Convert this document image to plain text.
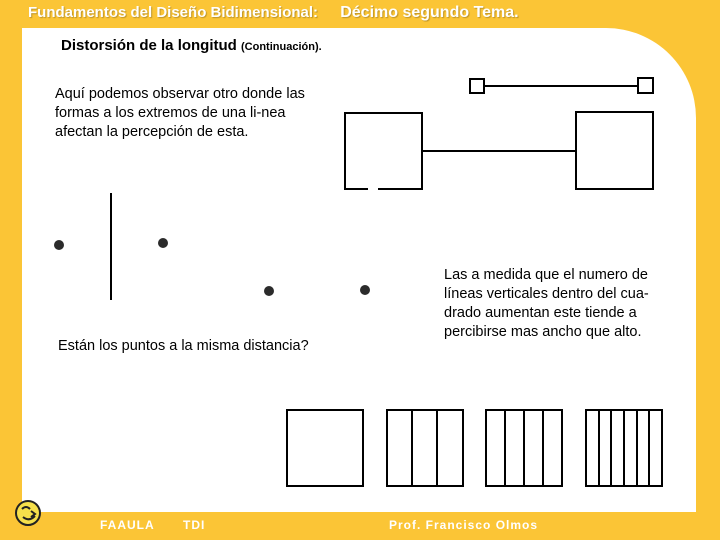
Fundamentos del Diseño Bidimensional: Décimo segundo Tema.
Distorsión de la longitud (Continuación).
Aquí podemos observar otro donde las formas a los extremos de una li-nea afectan la percepción de esta.
Están los puntos a la misma distancia?
Las a medida que el numero de líneas verticales dentro del cua-drado aumentan este tiende a percibirse mas ancho que alto.
FAAULA TDI	Prof. Francisco Olmos
